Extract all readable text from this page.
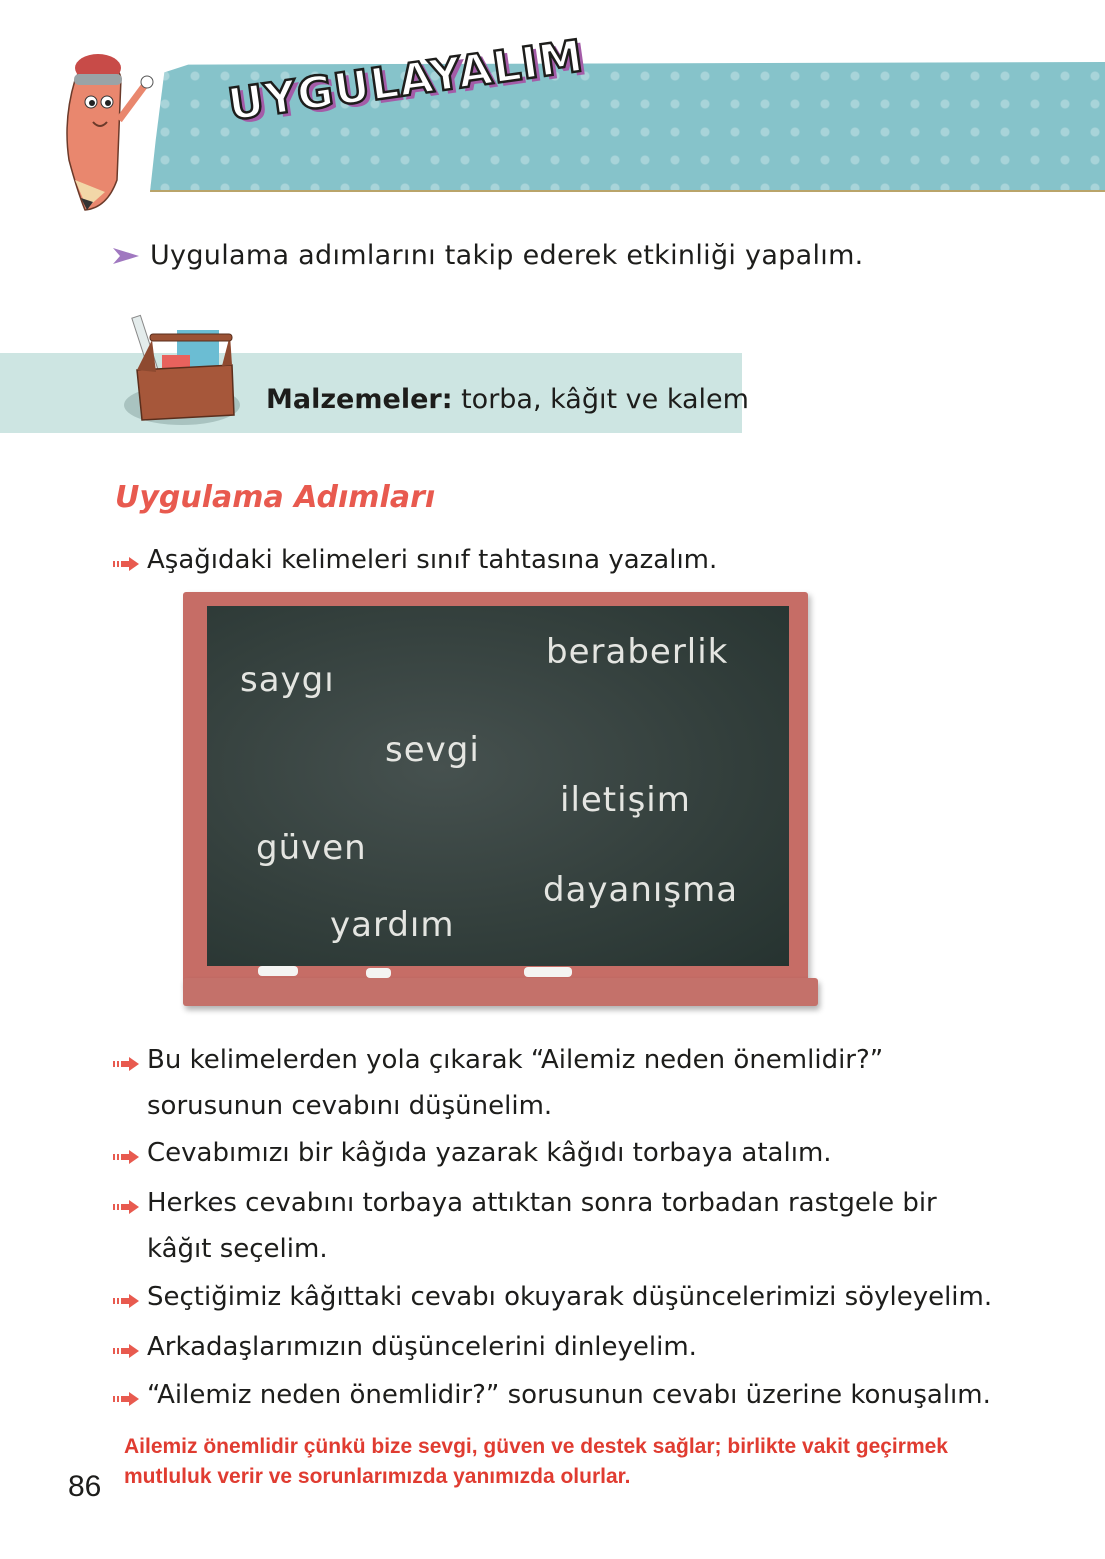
UYGULAYALIM
Uygulama adımlarını takip ederek etkinliği yapalım.
Malzemeler: torba, kâğıt ve kalem
Uygulama Adımları
Aşağıdaki kelimeleri sınıf tahtasına yazalım.
saygı
beraberlik
sevgi
iletişim
güven
dayanışma
yardım
Bu kelimelerden yola çıkarak “Ailemiz neden önemlidir?” sorusunun cevabını düşünelim.
Cevabımızı bir kâğıda yazarak kâğıdı torbaya atalım.
Herkes cevabını torbaya attıktan sonra torbadan rastgele bir kâğıt seçelim.
Seçtiğimiz kâğıttaki cevabı okuyarak düşüncelerimizi söyleyelim.
Arkadaşlarımızın düşüncelerini dinleyelim.
“Ailemiz neden önemlidir?” sorusunun cevabı üzerine konuşalım.
Ailemiz önemlidir çünkü bize sevgi, güven ve destek sağlar; birlikte vakit geçirmek mutluluk verir ve sorunlarımızda yanımızda olurlar.
86
